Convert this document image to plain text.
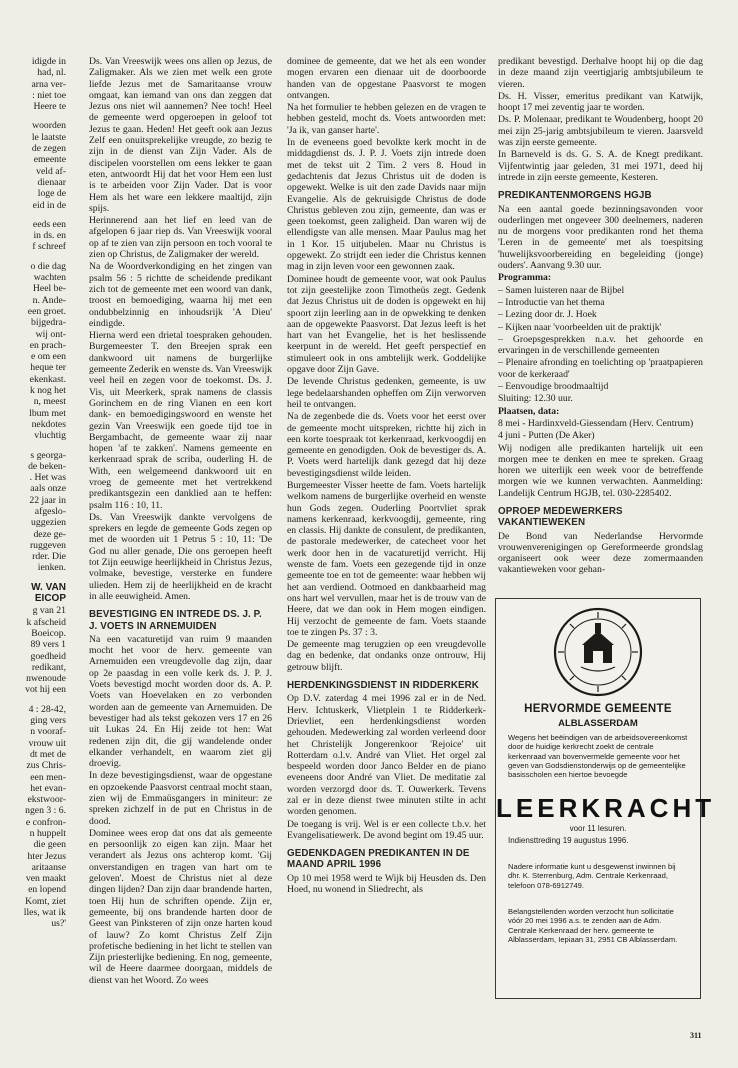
idigde in
had, nl.
arna ver-
: niet toe
Heere te

woorden
le laatste
de zegen
emeente
veld af-
dienaar
loge de
eid in de

eeds een
in ds. en
f schreef

o die dag
wachten
Heel be-
n. Ande-
een groet.
bijgedra-
wij ont-
en prach-
e om een
heque ter
ekenkast.
k nog het
n, meest
lbum met
nekdotes
vluchtig

s georga-
de beken-
. Het was
aals onze
22 jaar in
afgeslo-
uggezien
deze ge-
ruggeven
rder. Die
ienken.

W. VAN
EICOP

g van 21
k afscheid
Boeicop.
89 vers 1
goedheid
redikant,
nwenoude
vot hij een

4 : 28-42,
ging vers
n vooraf-
vrouw uit
dt met de
zus Chris-
een men-
het evan-
ekstwoor-
ngen 3 : 6.
e confron-
n huppelt
die geen
hter Jezus
aritaanse
ven maakt
en lopend
Komt, ziet
lles, wat ik
us?'

Ds. Van Vreeswijk wees ons allen op Jezus, de Zaligmaker. Als we zien met welk een grote liefde Jezus met de Samaritaanse vrouw omgaat, kan iemand van ons dan zeggen dat Jezus ons niet wil aannemen? Nee toch! Heel de gemeente werd opgeroepen in geloof tot Jezus te gaan. Heden! Het geeft ook aan Jezus Zelf een onuitsprekelijke vreugde, zo bezig te zijn in de dienst van Zijn Vader. Als de discipelen voorstellen om eens lekker te gaan eten, antwoordt Hij dat het voor Hem een lust is te arbeiden voor Zijn Vader. Dat is voor Hem als het ware een lekkere maaltijd, zijn spijs.

Herinnerend aan het lief en leed van de afgelopen 6 jaar riep ds. Van Vreeswijk vooral op af te zien van zijn persoon en toch vooral te zien op Christus, de Zaligmaker der wereld.

Na de Woordverkondiging en het zingen van psalm 56 : 5 richtte de scheidende predikant zich tot de gemeente met een woord van dank, troost en bemoediging, waarna hij met een ondubbelzinnig en inhoudsrijk 'A Dieu' eindigde.

Hierna werd een drietal toespraken gehouden. Burgemeester T. den Breejen sprak een dankwoord uit namens de burgerlijke gemeente Zederik en wenste ds. Van Vreeswijk veel heil en zegen voor de toekomst. Ds. J. Vis, uit Meerkerk, sprak namens de classis Gorinchem en de ring Vianen en een kort dank- en bemoedigingswoord en wenste het gezin Van Vreeswijk een goede tijd toe in Bergambacht, de gemeente waar zij naar hopen 'af te zakken'. Namens gemeente en kerkenraad sprak de scriba, ouderling H. de With, een welgemeend dankwoord uit en vroeg de gemeente met het vertrekkend predikantsgezin een danklied aan te heffen: psalm 116 : 10, 11.

Ds. Van Vreeswijk dankte vervolgens de sprekers en legde de gemeente Gods zegen op met de woorden uit 1 Petrus 5 : 10, 11: 'De God nu aller genade, Die ons geroepen heeft tot Zijn eeuwige heerlijkheid in Christus Jezus, volmake, bevestige, versterke en fundere ulieden. Hem zij de heerlijkheid en de kracht in alle eeuwigheid. Amen.

BEVESTIGING EN INTREDE DS. J. P. J. VOETS IN ARNEMUIDEN

Na een vacaturetijd van ruim 9 maanden mocht het voor de herv. gemeente van Arnemuiden een vreugdevolle dag zijn, daar op 2e paasdag in een volle kerk ds. J. P. J. Voets bevestigd mocht worden door ds. A. P. Voets van Hoevelaken en zo verbonden worden aan de gemeente van Arnemuiden. De bevestiger had als tekst gekozen vers 17 en 26 uit Lukas 24. En Hij zeide tot hen: Wat redenen zijn dit, die gij wandelende onder elkander verhandelt, en waarom ziet gij droevig.

In deze bevestigingsdienst, waar de opgestane en opzoekende Paasvorst centraal mocht staan, zien wij de Emmaüsgangers in miniteur: ze spreken zichzelf in de put en Christus in de dood.

Dominee wees erop dat ons dat als gemeente en persoonlijk zo eigen kan zijn. Maar het verandert als Jezus ons achterop komt. 'Gij onverstandigen en tragen van hart om te geloven'. Moest de Christus niet al deze dingen lijden? Dan zijn daar brandende harten, toen Hij hun de schriften opende. Zijn er, gemeente, bij ons brandende harten door de Geest van Pinksteren of zijn onze harten koud of lauw? Zo komt Christus Zelf Zijn profetische bediening in het licht te stellen van Zijn priesterlijke bediening. En nog, gemeente, wil de Heere daarmee doorgaan, middels de dienst van het Woord. Zo wees

dominee de gemeente, dat we het als een wonder mogen ervaren een dienaar uit de doorboorde handen van de opgestane Paasvorst te mogen ontvangen.

Na het formulier te hebben gelezen en de vragen te hebben gesteld, mocht ds. Voets antwoorden met: 'Ja ik, van ganser harte'.

In de eveneens goed bevolkte kerk mocht in de middagdienst ds. J. P. J. Voets zijn intrede doen met de tekst uit 2 Tim. 2 vers 8. Houd in gedachtenis dat Jezus Christus uit de doden is opgewekt. Welke is uit den zade Davids naar mijn Evangelie. Als de gekruisigde Christus de dode Christus gebleven zou zijn, gemeente, dan was er geen toekomst, geen zaligheid. Dan waren wij de ellendigste van alle mensen. Maar Paulus mag het in 1 Kor. 15 uitjubelen. Maar nu Christus is opgewekt. Zo strijdt een ieder die Christus kennen mag in zijn leven voor een gewonnen zaak.

Dominee houdt de gemeente voor, wat ook Paulus tot zijn geestelijke zoon Timotheüs zegt. Gedenk dat Jezus Christus uit de doden is opgewekt en hij spoort zijn leerling aan in de opwekking te denken aan de opgewekte Paasvorst. Dat Jezus leeft is het hart van het Evangelie, het is het beslissende keerpunt in de wereld. Het geeft perspectief en stimuleert ook in ons ambtelijk werk. Goddelijke opgave door Zijn Gave.

De levende Christus gedenken, gemeente, is uw lege bedelaarshanden opheffen om Zijn verworven heil te ontvangen.

Na de zegenbede die ds. Voets voor het eerst over de gemeente mocht uitspreken, richtte hij zich in een korte toespraak tot kerkenraad, kerkvoogdij en gemeente en genodigden. Ook de bevestiger ds. A. P. Voets werd hartelijk dank gezegd dat hij deze bevestigingsdienst wilde leiden.

Burgemeester Visser heette de fam. Voets hartelijk welkom namens de burgerlijke overheid en wenste hun Gods zegen. Ouderling Poortvliet sprak namens kerkenraad, kerkvoogdij, gemeente, ring en classis. Hij dankte de consulent, de predikanten, de pastorale medewerker, de catecheet voor het werk door hen in de vacaturetijd verricht. Hij wenste de fam. Voets een gezegende tijd in onze gemeente toe en tot de gemeente: waar hebben wij het aan verdiend. Ootmoed en dankbaarheid mag ons hart wel vervullen, maar het is de trouw van de Heere, dat we dan ook in Hem mogen eindigen. Hij verzocht de gemeente de fam. Voets staande toe te zingen Ps. 37 : 3.

De gemeente mag terugzien op een vreugdevolle dag en bedenke, dat ondanks onze ontrouw, Hij getrouw blijft.

HERDENKINGSDIENST IN RIDDERKERK

Op D.V. zaterdag 4 mei 1996 zal er in de Ned. Herv. Ichtuskerk, Vlietplein 1 te Ridderkerk-Drievliet, een herdenkingsdienst worden gehouden. Medewerking zal worden verleend door het Christelijk Jongerenkoor 'Rejoice' uit Rotterdam o.l.v. André van Vliet. Het orgel zal bespeeld worden door Janco Belder en de piano eveneens door André van Vliet. De meditatie zal worden verzorgd door ds. T. Ouwerkerk. Tevens zal er in deze dienst twee minuten stilte in acht worden genomen.

De toegang is vrij. Wel is er een collecte t.b.v. het Evangelisatiewerk. De avond begint om 19.45 uur.

GEDENKDAGEN PREDIKANTEN IN DE MAAND APRIL 1996

Op 10 mei 1958 werd te Wijk bij Heusden ds. Den Hoed, nu wonend in Sliedrecht, als

predikant bevestigd. Derhalve hoopt hij op die dag in deze maand zijn veertigjarig ambtsjubileum te vieren.

Ds. H. Visser, emeritus predikant van Katwijk, hoopt 17 mei zeventig jaar te worden.

Ds. P. Molenaar, predikant te Woudenberg, hoopt 20 mei zijn 25-jarig ambtsjubileum te vieren. Jaarsveld was zijn eerste gemeente.

In Barneveld is ds. G. S. A. de Knegt predikant. Vijfentwintig jaar geleden, 31 mei 1971, deed hij intrede in zijn eerste gemeente, Kesteren.

PREDIKANTENMORGENS HGJB

Na een aantal goede bezinningsavonden voor ouderlingen met ongeveer 300 deelnemers, naderen nu de morgens voor predikanten rond het thema 'Leren in de gemeente' met als toespitsing 'huwelijksvoorbereiding en begeleiding (jonge) ouders'. Aanvang 9.30 uur.

Programma:

– Samen luisteren naar de Bijbel

– Introductie van het thema

– Lezing door dr. J. Hoek

– Kijken naar 'voorbeelden uit de praktijk'

– Groepsgesprekken n.a.v. het gehoorde en ervaringen in de verschillende gemeenten

– Plenaire afronding en toelichting op 'praatpapieren voor de kerkeraad'

– Eenvoudige broodmaaltijd

Sluiting: 12.30 uur.

Plaatsen, data:

8 mei - Hardinxveld-Giessendam (Herv. Centrum)

4 juni - Putten (De Aker)

Wij nodigen alle predikanten hartelijk uit een morgen mee te denken en mee te spreken. Graag horen we uiterlijk een week voor de betreffende morgen wie we kunnen verwachten. Aanmelding: Landelijk Centrum HGJB, tel. 030-2285402.

OPROEP MEDEWERKERS VAKANTIEWEKEN

De Bond van Nederlandse Hervormde vrouwenverenigingen op Gereformeerde grondslag organiseert ook weer deze zomermaanden vakantieweken voor gehan-

HERVORMDE GEMEENTE
ALBLASSERDAM
Wegens het beëindigen van de arbeidsovereenkomst door de huidige kerkrecht zoekt de centrale kerkenraad van bovenvermelde gemeente voor het geven van Godsdienstonderwijs op de gemeentelijke basisscholen een hiertoe bevoegde
LEERKRACHT
voor 11 lesuren.
Indiensttreding 19 augustus 1996.
Nadere informatie kunt u desgewenst inwinnen bij dhr. K. Sterrenburg, Adm. Centrale Kerkenraad, telefoon 078-6912749.
Belangstellenden worden verzocht hun sollicitatie vóór 20 mei 1996 a.s. te zenden aan de Adm. Centrale Kerkenraad der herv. gemeente te Alblasserdam, Iepiaan 31, 2951 CB Alblasserdam.
311
